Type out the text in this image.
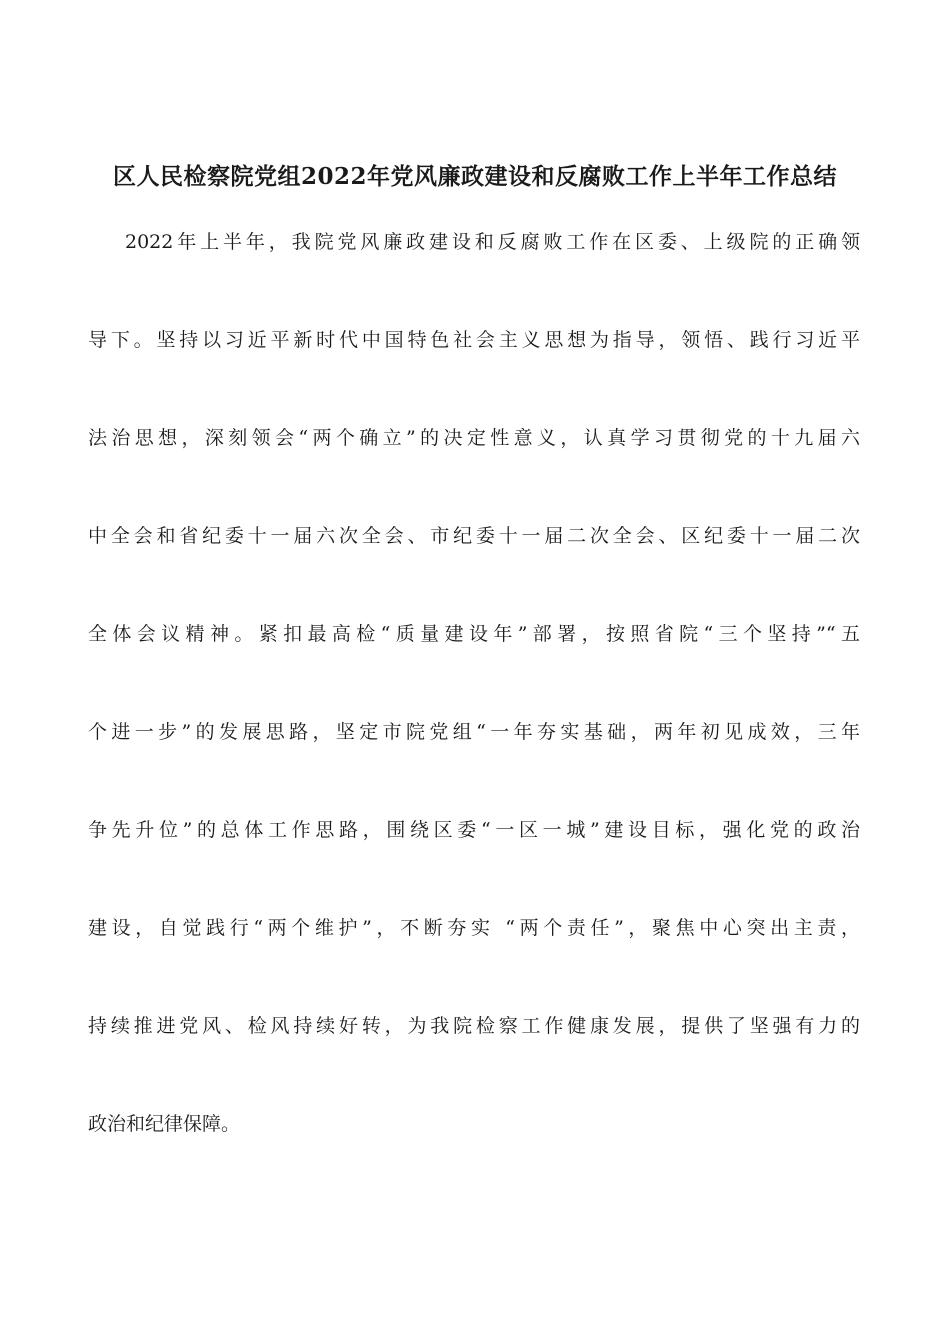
区人民检察院党组2022年党风廉政建设和反腐败工作上半年工作总结
2022年上半年，我院党风廉政建设和反腐败工作在区委、上级院的正确领
导下。坚持以习近平新时代中国特色社会主义思想为指导，领悟、践行习近平
法治思想，深刻领会“两个确立”的决定性意义，认真学习贯彻党的十九届六
中全会和省纪委十一届六次全会、市纪委十一届二次全会、区纪委十一届二次
全体会议精神。紧扣最高检“质量建设年”部署，按照省院“三个坚持”“五
个进一步”的发展思路，坚定市院党组“一年夯实基础，两年初见成效，三年
争先升位”的总体工作思路，围绕区委“一区一城”建设目标，强化党的政治
建设，自觉践行“两个维护”，不断夯实 “两个责任”，聚焦中心突出主责，
持续推进党风、检风持续好转，为我院检察工作健康发展，提供了坚强有力的
政治和纪律保障。
